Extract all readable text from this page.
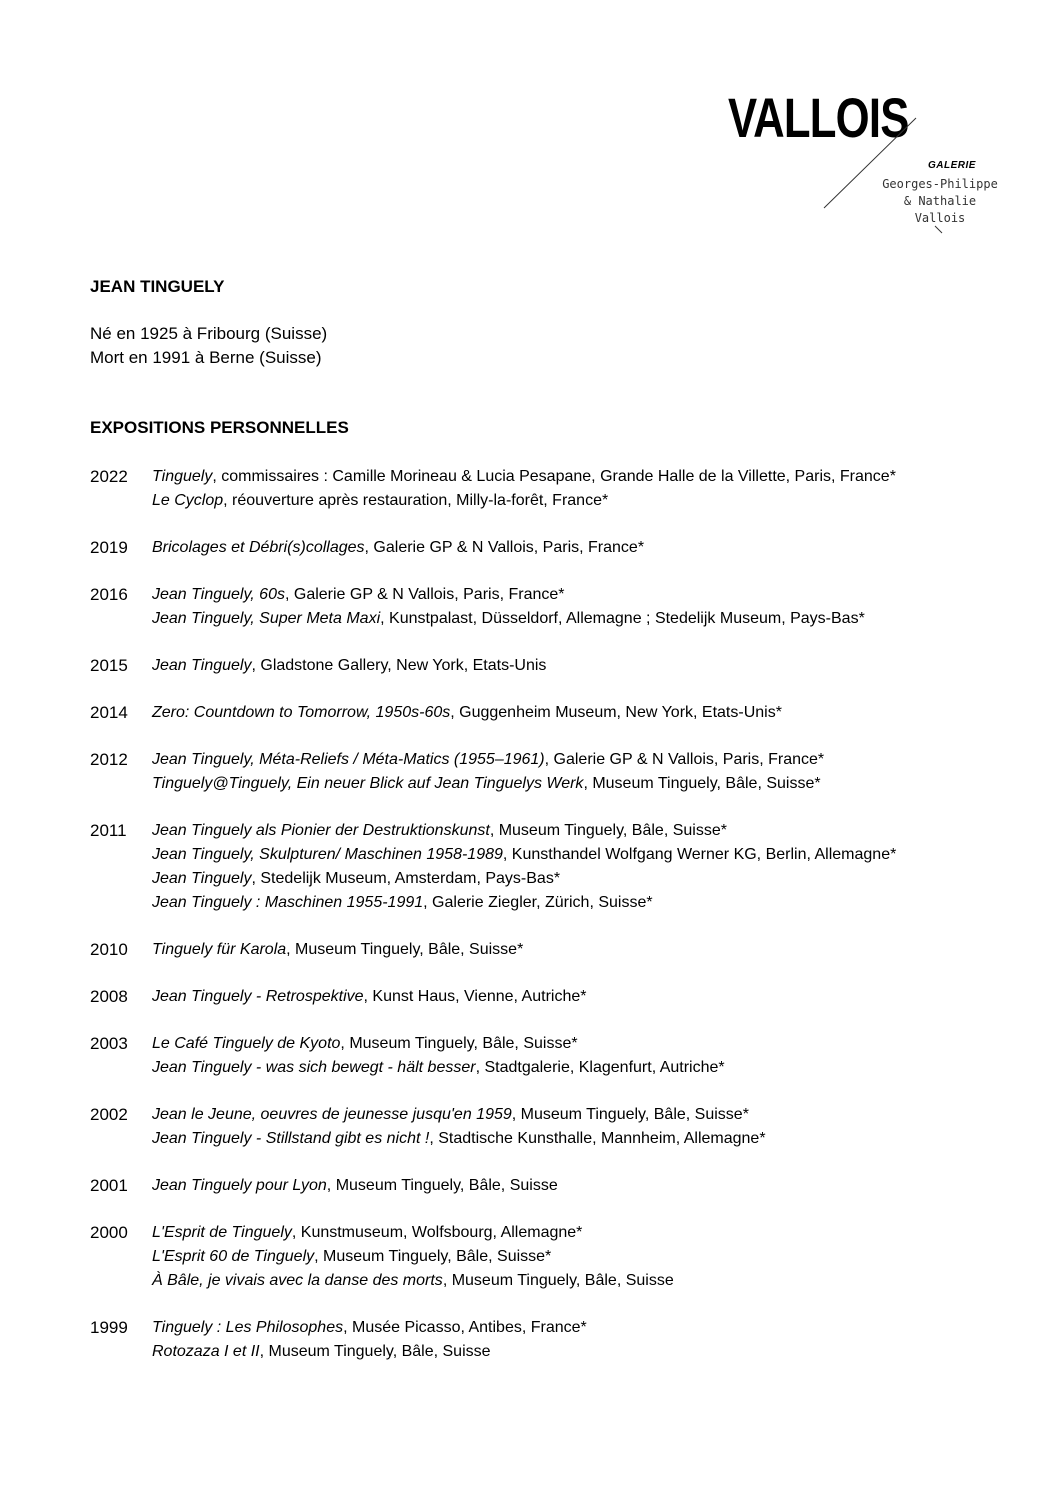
VALLOIS
GALERIE
Georges-Philippe
& Nathalie
Vallois
JEAN TINGUELY
Né en 1925 à Fribourg (Suisse)
Mort en 1991 à Berne (Suisse)
EXPOSITIONS PERSONNELLES
2022	Tinguely, commissaires : Camille Morineau & Lucia Pesapane, Grande Halle de la Villette, Paris, France*
Le Cyclop, réouverture après restauration, Milly-la-forêt, France*
2019	Bricolages et Débri(s)collages, Galerie GP & N Vallois, Paris, France*
2016	Jean Tinguely, 60s, Galerie GP & N Vallois, Paris, France*
Jean Tinguely, Super Meta Maxi, Kunstpalast, Düsseldorf, Allemagne ; Stedelijk Museum, Pays-Bas*
2015	Jean Tinguely, Gladstone Gallery, New York, Etats-Unis
2014	Zero: Countdown to Tomorrow, 1950s-60s, Guggenheim Museum, New York, Etats-Unis*
2012	Jean Tinguely, Méta-Reliefs / Méta-Matics (1955–1961), Galerie GP & N Vallois, Paris, France*
Tinguely@Tinguely, Ein neuer Blick auf Jean Tinguelys Werk, Museum Tinguely, Bâle, Suisse*
2011	Jean Tinguely als Pionier der Destruktionskunst, Museum Tinguely, Bâle, Suisse*
Jean Tinguely, Skulpturen/ Maschinen 1958-1989, Kunsthandel Wolfgang Werner KG, Berlin, Allemagne*
Jean Tinguely, Stedelijk Museum, Amsterdam, Pays-Bas*
Jean Tinguely : Maschinen 1955-1991, Galerie Ziegler, Zürich, Suisse*
2010	Tinguely für Karola, Museum Tinguely, Bâle, Suisse*
2008	Jean Tinguely - Retrospektive, Kunst Haus, Vienne, Autriche*
2003	Le Café Tinguely de Kyoto, Museum Tinguely, Bâle, Suisse*
Jean Tinguely - was sich bewegt - hält besser, Stadtgalerie, Klagenfurt, Autriche*
2002	Jean le Jeune, oeuvres de jeunesse jusqu'en 1959, Museum Tinguely, Bâle, Suisse*
Jean Tinguely - Stillstand gibt es nicht !, Stadtische Kunsthalle, Mannheim, Allemagne*
2001	Jean Tinguely pour Lyon, Museum Tinguely, Bâle, Suisse
2000	L'Esprit de Tinguely, Kunstmuseum, Wolfsbourg, Allemagne*
L'Esprit 60 de Tinguely, Museum Tinguely, Bâle, Suisse*
À Bâle, je vivais avec la danse des morts, Museum Tinguely, Bâle, Suisse
1999	Tinguely : Les Philosophes, Musée Picasso, Antibes, France*
Rotozaza I et II, Museum Tinguely, Bâle, Suisse
